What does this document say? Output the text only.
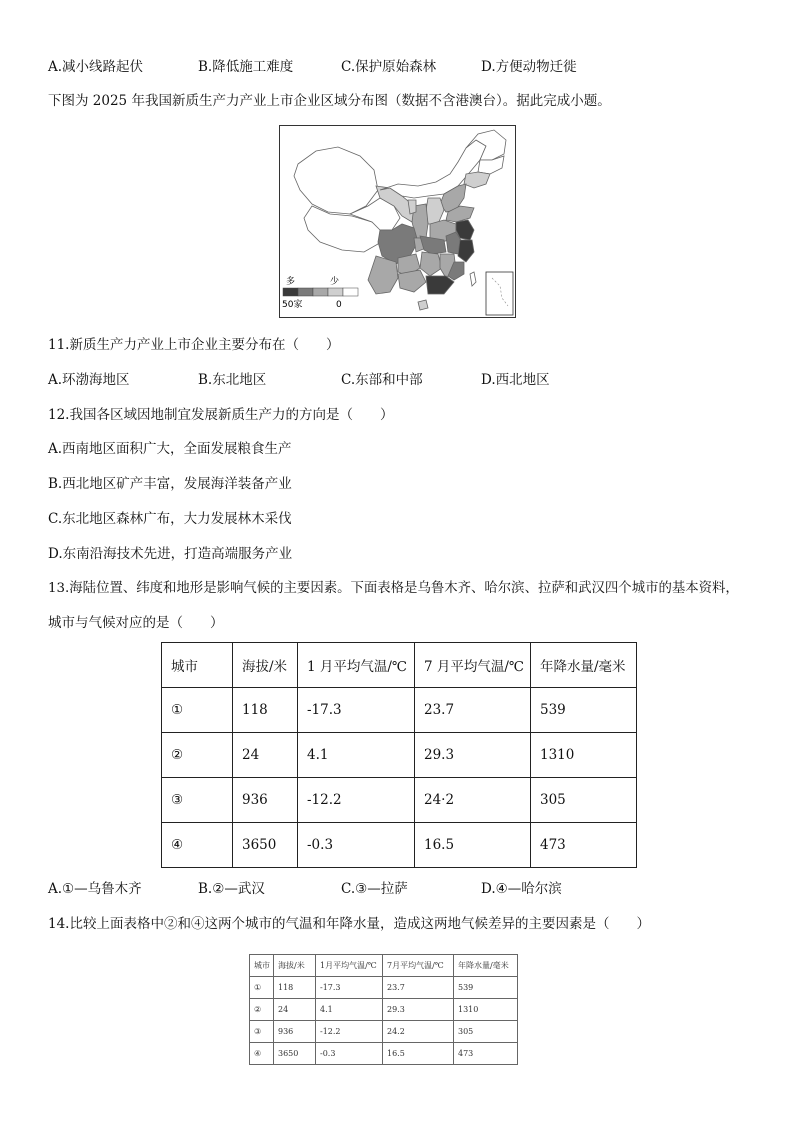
A.减小线路起伏	B.降低施工难度	C.保护原始森林	D.方便动物迁徙
下图为 2025 年我国新质生产力产业上市企业区域分布图（数据不含港澳台）。据此完成小题。
多	少
50家	0
11.新质生产力产业上市企业主要分布在（　　）
A.环渤海地区	B.东北地区	C.东部和中部	D.西北地区
12.我国各区域因地制宜发展新质生产力的方向是（　　）
A.西南地区面积广大，全面发展粮食生产
B.西北地区矿产丰富，发展海洋装备产业
C.东北地区森林广布，大力发展林木采伐
D.东南沿海技术先进，打造高端服务产业
13.海陆位置、纬度和地形是影响气候的主要因素。下面表格是乌鲁木齐、哈尔滨、拉萨和武汉四个城市的基本资料，
城市与气候对应的是（　　）
城市	海拔/米	1 月平均气温/℃	7 月平均气温/℃	年降水量/毫米
①	118	-17.3	23.7	539
②	24	4.1	29.3	1310
③	936	-12.2	24·2	305
④	3650	-0.3	16.5	473
A.①—乌鲁木齐	B.②—武汉	C.③—拉萨	D.④—哈尔滨
14.比较上面表格中②和④这两个城市的气温和年降水量，造成这两地气候差异的主要因素是（　　）
城市	海拔/米	1月平均气温/℃	7月平均气温/℃	年降水量/毫米
①	118	-17.3	23.7	539
②	24	4.1	29.3	1310
③	936	-12.2	24.2	305
④	3650	-0.3	16.5	473
